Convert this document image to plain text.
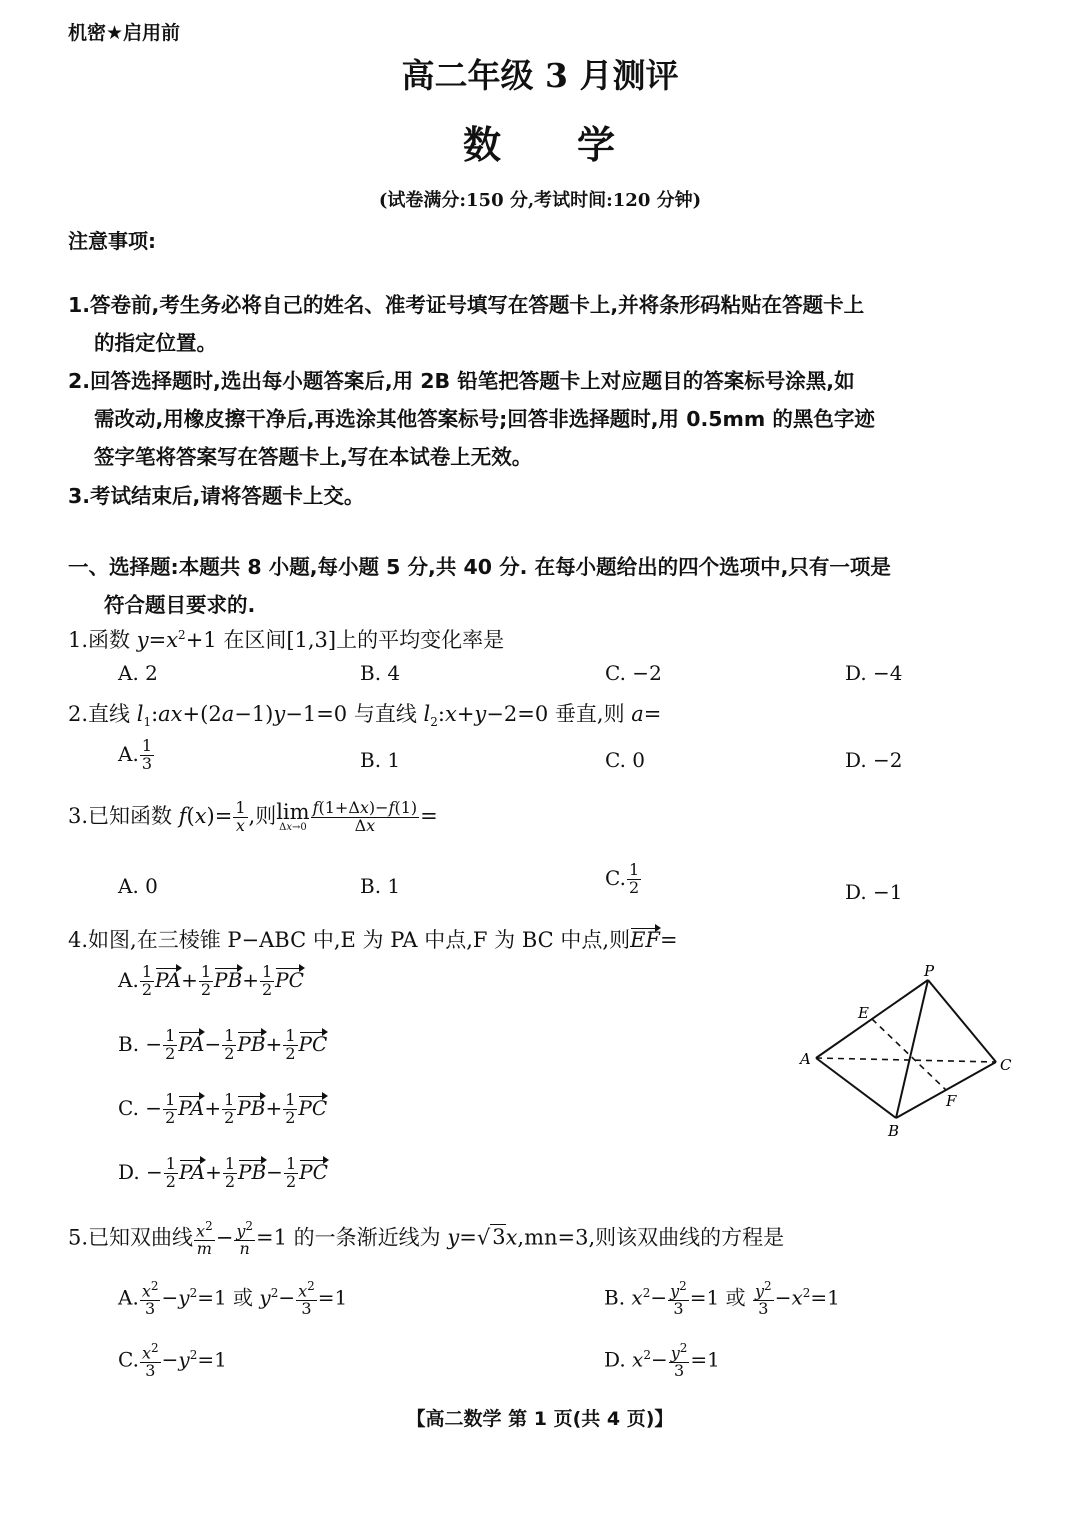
机密★启用前
高二年级 3 月测评
数 学
(试卷满分:150 分,考试时间:120 分钟)
注意事项:
1.答卷前,考生务必将自己的姓名、准考证号填写在答题卡上,并将条形码粘贴在答题卡上
的指定位置。
2.回答选择题时,选出每小题答案后,用 2B 铅笔把答题卡上对应题目的答案标号涂黑,如
需改动,用橡皮擦干净后,再选涂其他答案标号;回答非选择题时,用 0.5mm 的黑色字迹
签字笔将答案写在答题卡上,写在本试卷上无效。
3.考试结束后,请将答题卡上交。
一、选择题:本题共 8 小题,每小题 5 分,共 40 分. 在每小题给出的四个选项中,只有一项是
符合题目要求的.
1.函数 $y=x^2+1$ 在区间[1,3]上的平均变化率是
A. 2	B. 4	C. −2	D. −4
2.直线 $l_1:ax+(2a-1)y-1=0$ 与直线 $l_2:x+y-2=0$ 垂直,则 a=
A. $\frac{1}{3}$	B. 1	C. 0	D. −2
3.已知函数 $f(x)= \frac{1}{x}$ ,则 lim
$\Delta x\to 0 \frac{f(1+\Delta x)-f(1)}{\Delta x}$ =
A. 0	B. 1	C. $\frac{1}{2}$	D. −1
4.如图,在三棱锥 P−ABC 中,E 为 PA 中点,F 为 BC 中点,则EF=
A. $\frac{1}{2} PA+ \frac{1}{2} PB+ \frac{1}{2}$ PC
B. − $\frac{1}{2} PA- \frac{1}{2} PB+ \frac{1}{2}$ PC
C. − $\frac{1}{2} PA+ \frac{1}{2} PB+ \frac{1}{2}$ PC
D. − $\frac{1}{2} PA+ \frac{1}{2} PB- \frac{1}{2}$ PC
P
A
B
C
E
F
5.已知双曲线 $\frac{x^2}{m} - \frac{y^2}{n} =1$ 的一条渐近线为 y=√3x,mn=3,则该双曲线的方程是
A. $\frac{x^2}{3} -y^2=1$ 或 $y^2- \frac{x^2}{3} =1$	B. $x^2- \frac{y^2}{3} =1$ 或 $\frac{y^2}{3} -x^2=1$
C. $\frac{x^2}{3} -y^2=1$	D. $x^2- \frac{y^2}{3} =1$
【高二数学 第 1 页(共 4 页)】
